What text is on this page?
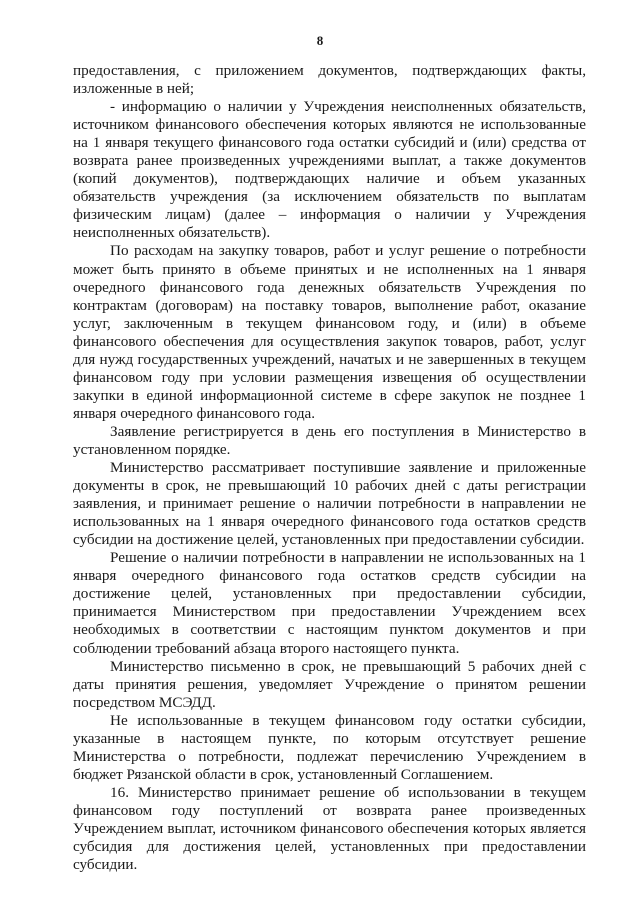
8

предоставления, с приложением документов, подтверждающих факты, изложенные в ней;

- информацию о наличии у Учреждения неисполненных обязательств, источником финансового обеспечения которых являются не использованные на 1 января текущего финансового года остатки субсидий и (или) средства от возврата ранее произведенных учреждениями выплат, а также документов (копий документов), подтверждающих наличие и объем указанных обязательств учреждения (за исключением обязательств по выплатам физическим лицам) (далее – информация о наличии у Учреждения неисполненных обязательств).

По расходам на закупку товаров, работ и услуг решение о потребности может быть принято в объеме принятых и не исполненных на 1 января очередного финансового года денежных обязательств Учреждения по контрактам (договорам) на поставку товаров, выполнение работ, оказание услуг, заключенным в текущем финансовом году, и (или) в объеме финансового обеспечения для осуществления закупок товаров, работ, услуг для нужд государственных учреждений, начатых и не завершенных в текущем финансовом году при условии размещения извещения об осуществлении закупки в единой информационной системе в сфере закупок не позднее 1 января очередного финансового года.

Заявление регистрируется в день его поступления в Министерство в установленном порядке.

Министерство рассматривает поступившие заявление и приложенные документы в срок, не превышающий 10 рабочих дней с даты регистрации заявления, и принимает решение о наличии потребности в направлении не использованных на 1 января очередного финансового года остатков средств субсидии на достижение целей, установленных при предоставлении субсидии.

Решение о наличии потребности в направлении не использованных на 1 января очередного финансового года остатков средств субсидии на достижение целей, установленных при предоставлении субсидии, принимается Министерством при предоставлении Учреждением всех необходимых в соответствии с настоящим пунктом документов и при соблюдении требований абзаца второго настоящего пункта.

Министерство письменно в срок, не превышающий 5 рабочих дней с даты принятия решения, уведомляет Учреждение о принятом решении посредством МСЭДД.

Не использованные в текущем финансовом году остатки субсидии, указанные в настоящем пункте, по которым отсутствует решение Министерства о потребности, подлежат перечислению Учреждением в бюджет Рязанской области в срок, установленный Соглашением.

16. Министерство принимает решение об использовании в текущем финансовом году поступлений от возврата ранее произведенных Учреждением выплат, источником финансового обеспечения которых является субсидия для достижения целей, установленных при предоставлении субсидии.
